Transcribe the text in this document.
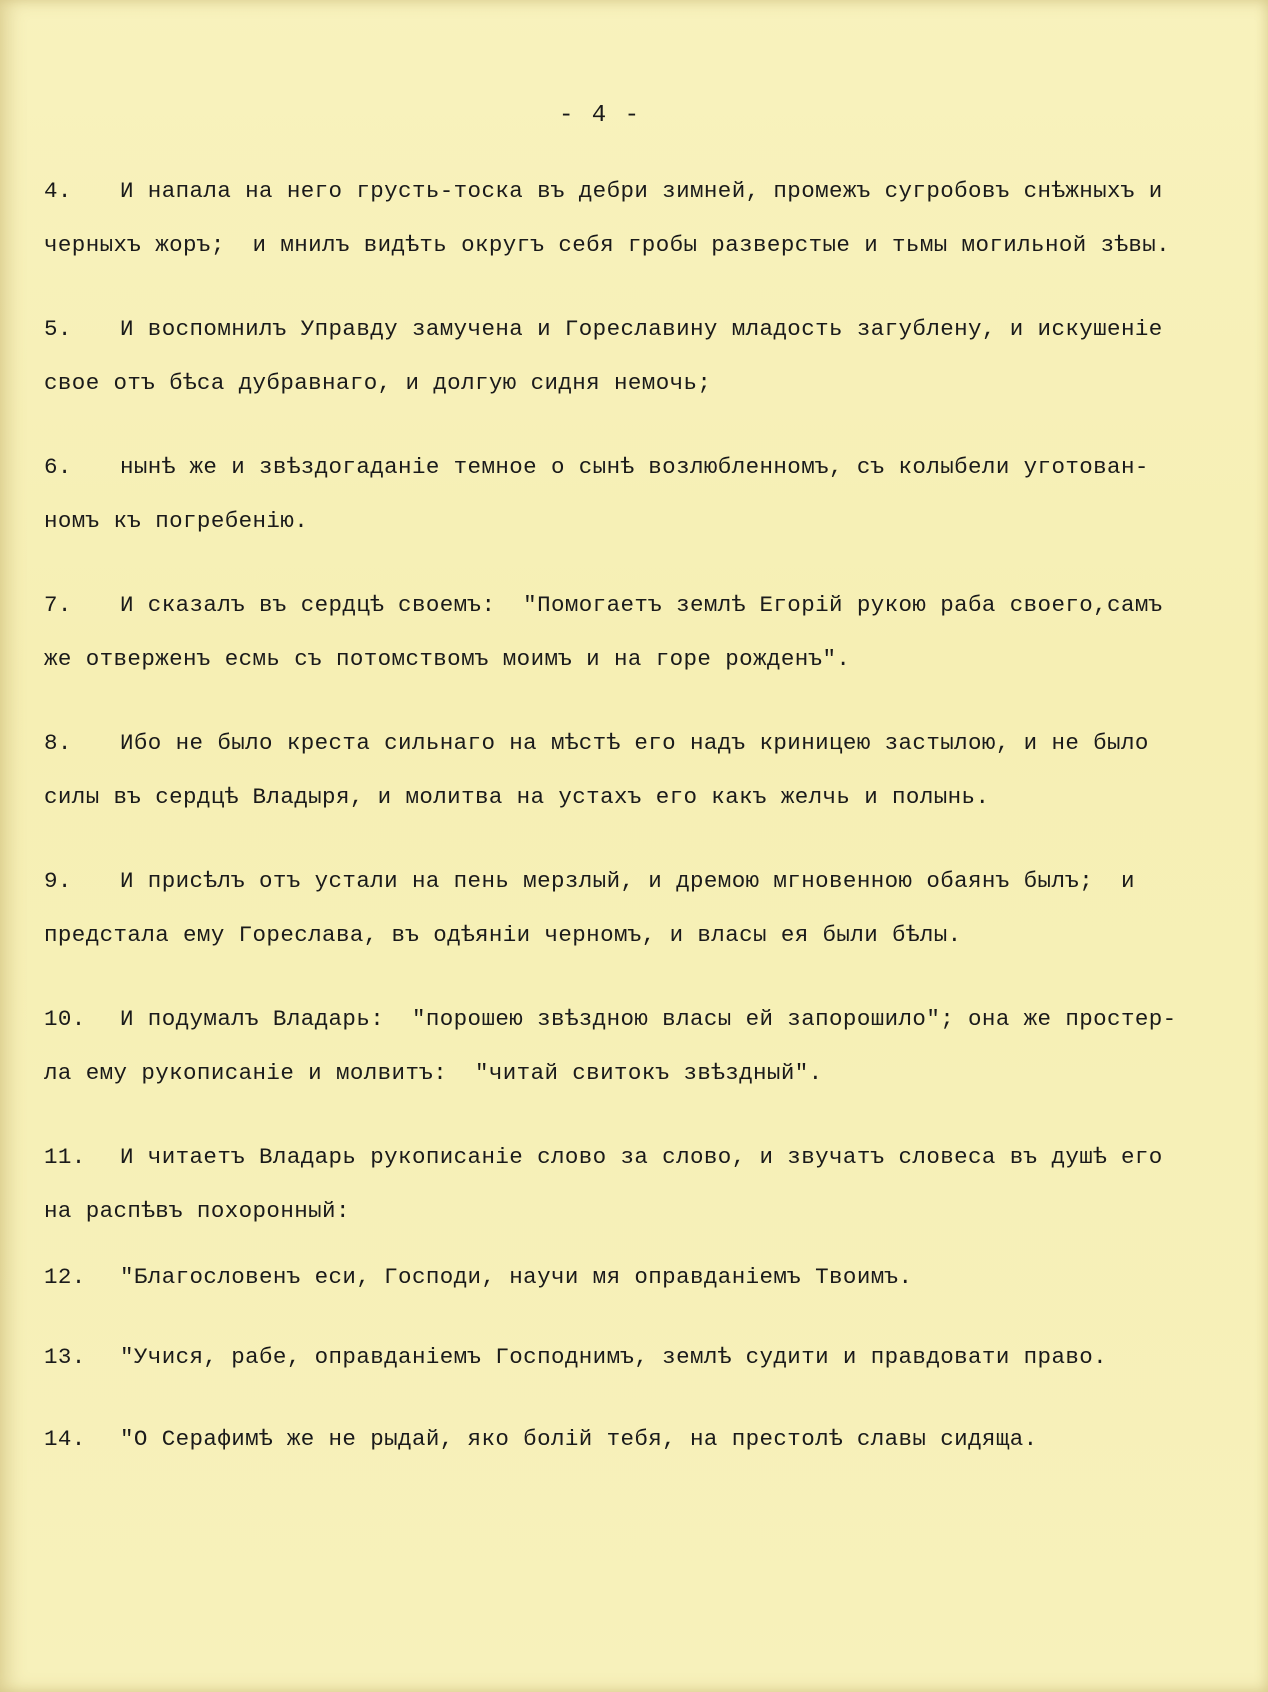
- 4 -
4. И напала на него грусть-тоска въ дебри зимней, промежъ сугробовъ снѣжныхъ и
черныхъ жоръ;  и мнилъ видѣть округъ себя гробы разверстые и тьмы могильной зѣвы.
5. И воспомнилъ Управду замучена и Гореславину младость загублену, и искушенiе
свое отъ бѣса дубравнаго, и долгую сидня немочь;
6. нынѣ же и звѣздогаданiе темное о сынѣ возлюбленномъ, съ колыбели уготован-
номъ къ погребенiю.
7. И сказалъ въ сердцѣ своемъ:  "Помогаетъ землѣ Егорiй рукою раба своего,самъ
же отверженъ есмь съ потомствомъ моимъ и на горе рожденъ".
8. Ибо не было креста сильнаго на мѣстѣ его надъ криницею застылою, и не было
силы въ сердцѣ Владыря, и молитва на устахъ его какъ желчь и полынь.
9. И присѣлъ отъ устали на пень мерзлый, и дремою мгновенною обаянъ былъ;  и
предстала ему Гореслава, въ одѣянiи черномъ, и власы ея были бѣлы.
10. И подумалъ Владарь:  "порошею звѣздною власы ей запорошило"; она же простер-
ла ему рукописанiе и молвитъ:  "читай свитокъ звѣздный".
11. И читаетъ Владарь рукописанiе слово за слово, и звучатъ словеса въ душѣ его
на распѣвъ похоронный:
12. "Благословенъ еси, Господи, научи мя оправданiемъ Твоимъ.
13. "Учися, рабе, оправданiемъ Господнимъ, землѣ судити и правдовати право.
14. "О Серафимѣ же не рыдай, яко болiй тебя, на престолѣ славы сидяща.
